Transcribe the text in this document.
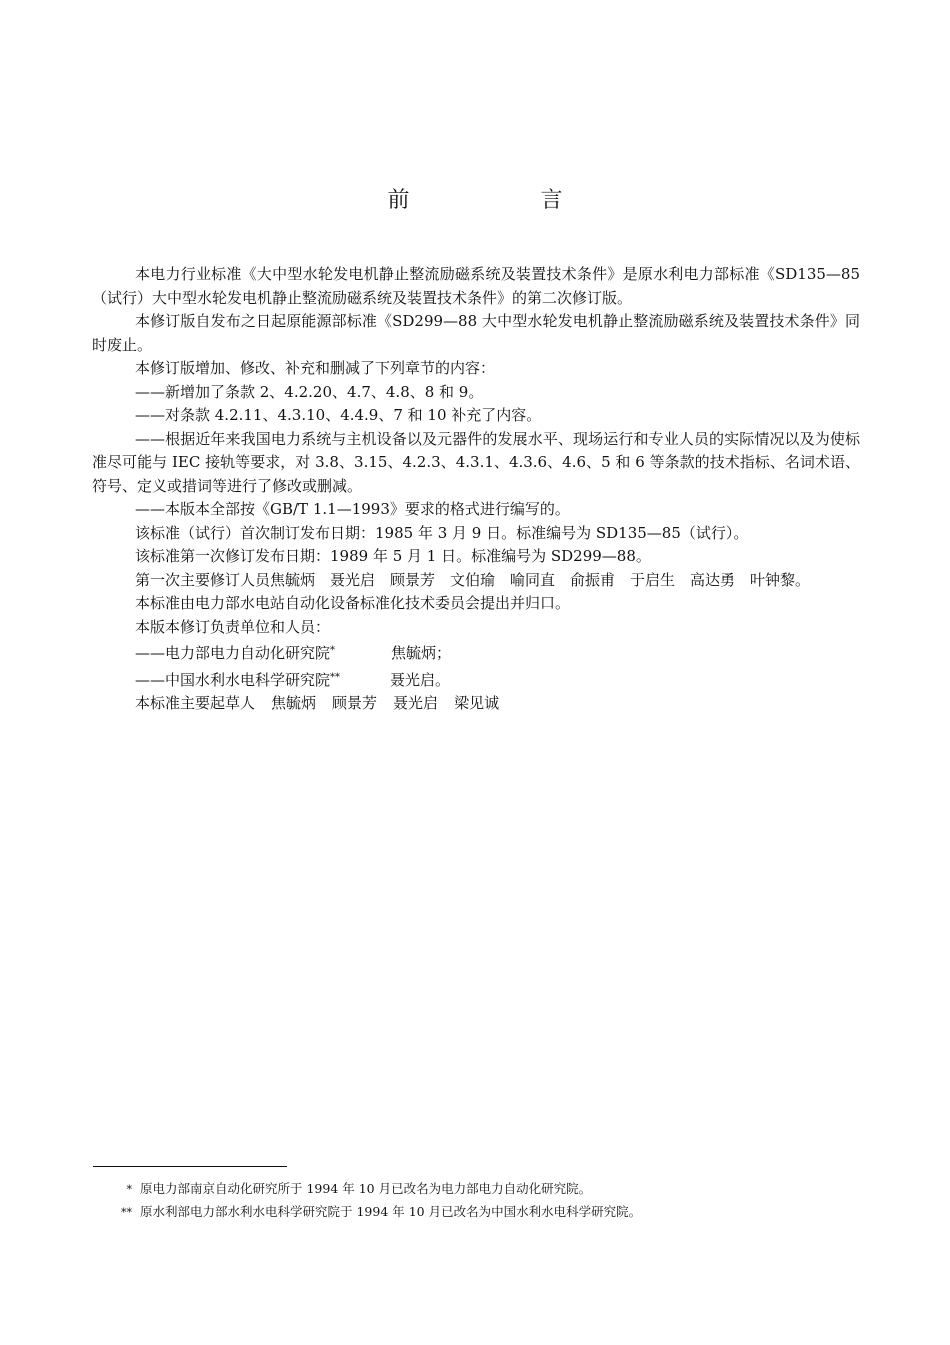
前 言

本电力行业标准《大中型水轮发电机静止整流励磁系统及装置技术条件》是原水利电力部标准《SD135—85（试行）大中型水轮发电机静止整流励磁系统及装置技术条件》的第二次修订版。

本修订版自发布之日起原能源部标准《SD299—88 大中型水轮发电机静止整流励磁系统及装置技术条件》同时废止。

本修订版增加、修改、补充和删减了下列章节的内容：

——新增加了条款 2、4.2.20、4.7、4.8、8 和 9。

——对条款 4.2.11、4.3.10、4.4.9、7 和 10 补充了内容。

——根据近年来我国电力系统与主机设备以及元器件的发展水平、现场运行和专业人员的实际情况以及为使标准尽可能与 IEC 接轨等要求，对 3.8、3.15、4.2.3、4.3.1、4.3.6、4.6、5 和 6 等条款的技术指标、名词术语、符号、定义或措词等进行了修改或删减。

——本版本全部按《GB/T 1.1—1993》要求的格式进行编写的。

该标准（试行）首次制订发布日期：1985 年 3 月 9 日。标准编号为 SD135—85（试行）。

该标准第一次修订发布日期：1989 年 5 月 1 日。标准编号为 SD299—88。

第一次主要修订人员焦毓炳　聂光启　顾景芳　文伯瑜　喻同直　俞振甫　于启生　高达勇　叶钟黎。

本标准由电力部水电站自动化设备标准化技术委员会提出并归口。

本版本修订负责单位和人员：

——电力部电力自动化研究院*	焦毓炳；

——中国水利水电科学研究院**	聂光启。

本标准主要起草人 焦毓炳 顾景芳 聂光启 梁见诚

* 原电力部南京自动化研究所于 1994 年 10 月已改名为电力部电力自动化研究院。
** 原水利部电力部水利水电科学研究院于 1994 年 10 月已改名为中国水利水电科学研究院。
